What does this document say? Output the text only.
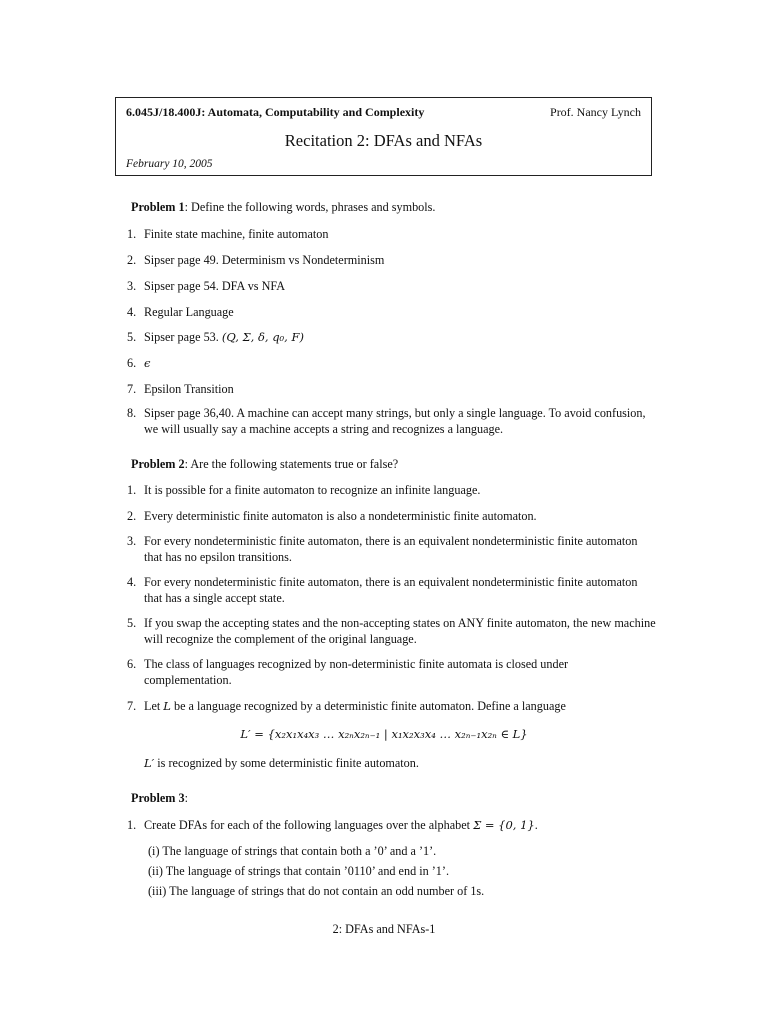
6.045J/18.400J: Automata, Computability and Complexity	Prof. Nancy Lynch
Recitation 2: DFAs and NFAs
February 10, 2005
Problem 1: Define the following words, phrases and symbols.
1. Finite state machine, finite automaton
2. Sipser page 49. Determinism vs Nondeterminism
3. Sipser page 54. DFA vs NFA
4. Regular Language
5. Sipser page 53. (Q, Σ, δ, q₀, F)
6. ϵ
7. Epsilon Transition
8. Sipser page 36,40. A machine can accept many strings, but only a single language. To avoid confusion, we will usually say a machine accepts a string and recognizes a language.
Problem 2: Are the following statements true or false?
1. It is possible for a finite automaton to recognize an infinite language.
2. Every deterministic finite automaton is also a nondeterministic finite automaton.
3. For every nondeterministic finite automaton, there is an equivalent nondeterministic finite automaton that has no epsilon transitions.
4. For every nondeterministic finite automaton, there is an equivalent nondeterministic finite automaton that has a single accept state.
5. If you swap the accepting states and the non-accepting states on ANY finite automaton, the new machine will recognize the complement of the original language.
6. The class of languages recognized by non-deterministic finite automata is closed under complementation.
7. Let L be a language recognized by a deterministic finite automaton. Define a language
L′ = {x₂x₁x₄x₃ … x₂ₙx₂ₙ₋₁ | x₁x₂x₃x₄ … x₂ₙ₋₁x₂ₙ ∈ L}
L′ is recognized by some deterministic finite automaton.
Problem 3:
1. Create DFAs for each of the following languages over the alphabet Σ = {0, 1}.
(i) The language of strings that contain both a ’0’ and a ’1’.
(ii) The language of strings that contain ’0110’ and end in ’1’.
(iii) The language of strings that do not contain an odd number of 1s.
2: DFAs and NFAs-1
